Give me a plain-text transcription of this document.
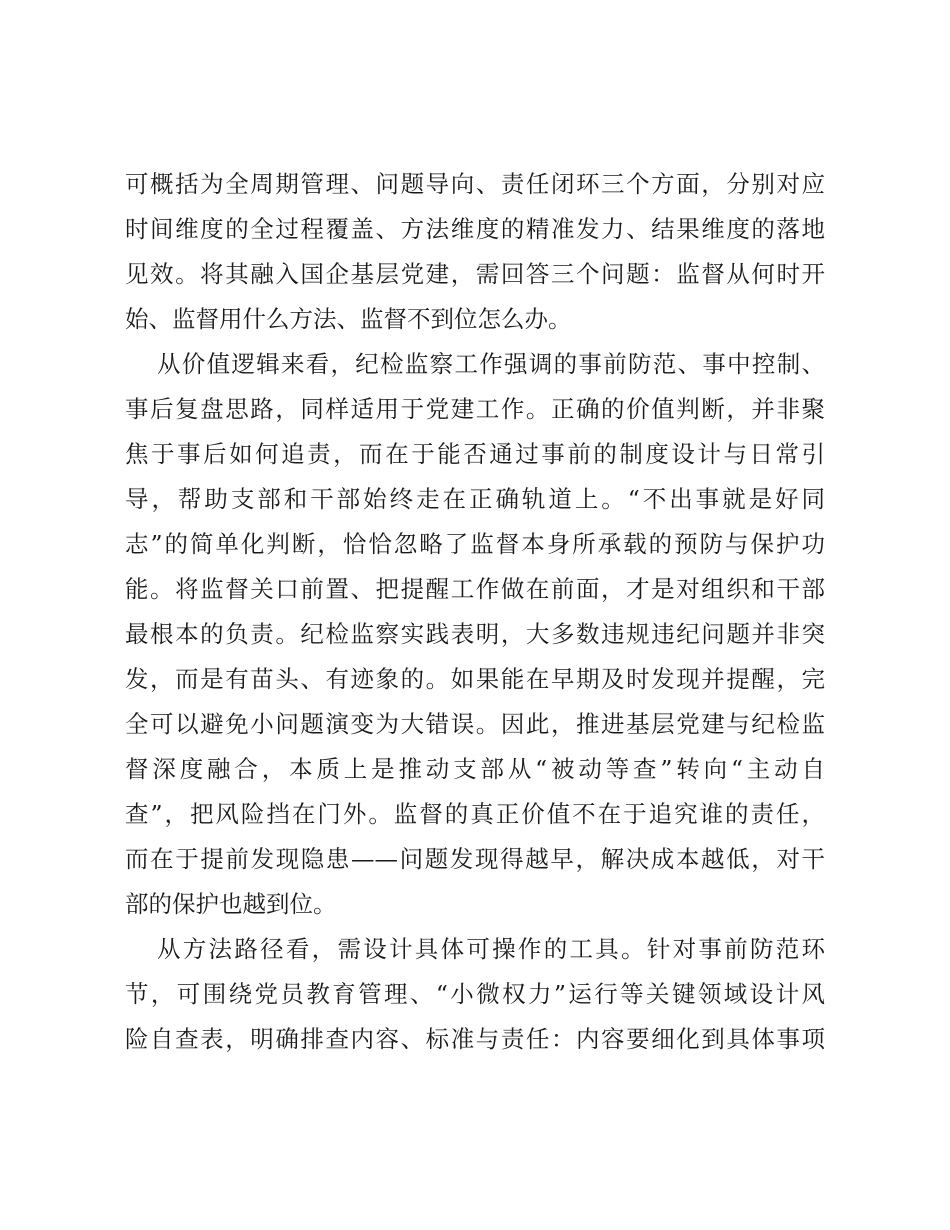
可概括为全周期管理、问题导向、责任闭环三个方面，分别对应
时间维度的全过程覆盖、方法维度的精准发力、结果维度的落地
见效。将其融入国企基层党建，需回答三个问题：监督从何时开
始、监督用什么方法、监督不到位怎么办。
从价值逻辑来看，纪检监察工作强调的事前防范、事中控制、
事后复盘思路，同样适用于党建工作。正确的价值判断，并非聚
焦于事后如何追责，而在于能否通过事前的制度设计与日常引
导，帮助支部和干部始终走在正确轨道上。“不出事就是好同
志”的简单化判断，恰恰忽略了监督本身所承载的预防与保护功
能。将监督关口前置、把提醒工作做在前面，才是对组织和干部
最根本的负责。纪检监察实践表明，大多数违规违纪问题并非突
发，而是有苗头、有迹象的。如果能在早期及时发现并提醒，完
全可以避免小问题演变为大错误。因此，推进基层党建与纪检监
督深度融合，本质上是推动支部从“被动等查”转向“主动自
查”，把风险挡在门外。监督的真正价值不在于追究谁的责任，
而在于提前发现隐患——问题发现得越早，解决成本越低，对干
部的保护也越到位。
从方法路径看，需设计具体可操作的工具。针对事前防范环
节，可围绕党员教育管理、“小微权力”运行等关键领域设计风
险自查表，明确排查内容、标准与责任：内容要细化到具体事项
